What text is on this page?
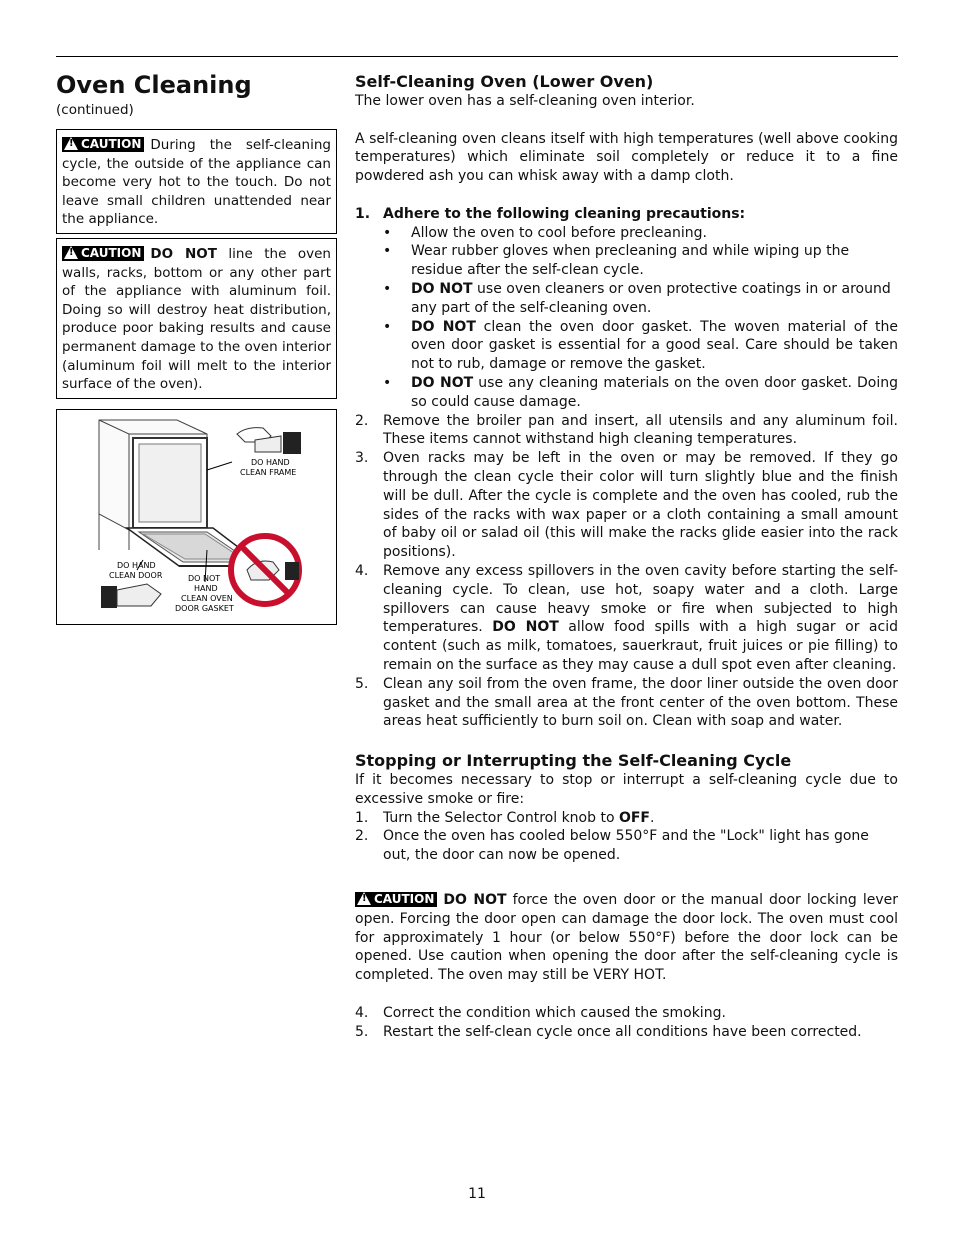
Oven Cleaning
(continued)
!CAUTION During the self-cleaning cycle, the outside of the appliance can become very hot to the touch. Do not leave small children unattended near the appliance.
!CAUTION DO NOT line the oven walls, racks, bottom or any other part of the appliance with aluminum foil. Doing so will destroy heat distribution, produce poor baking results and cause permanent damage to the oven interior (aluminum foil will melt to the interior surface of the oven).
DO HAND
CLEAN FRAME
DO HAND
CLEAN DOOR	DO NOT
HAND
CLEAN OVEN
DOOR GASKET
Self-Cleaning Oven (Lower Oven)

The lower oven has a self-cleaning oven interior.

A self-cleaning oven cleans itself with high temperatures (well above cooking temperatures) which eliminate soil completely or reduce it to a fine powdered ash you can whisk away with a damp cloth.

1. Adhere to the following cleaning precautions:
•	Allow the oven to cool before precleaning.
•	Wear rubber gloves when precleaning and while wiping up the residue after the self-clean cycle.
•	DO NOT use oven cleaners or oven protective coatings in or around any part of the self-cleaning oven.
•	DO NOT clean the oven door gasket. The woven material of the oven door gasket is essential for a good seal. Care should be taken not to rub, damage or remove the gasket.
•	DO NOT use any cleaning materials on the oven door gasket. Doing so could cause damage.
2.	Remove the broiler pan and insert, all utensils and any aluminum foil. These items cannot withstand high cleaning temperatures.
3.	Oven racks may be left in the oven or may be removed. If they go through the clean cycle their color will turn slightly blue and the finish will be dull. After the cycle is complete and the oven has cooled, rub the sides of the racks with wax paper or a cloth containing a small amount of baby oil or salad oil (this will make the racks glide easier into the rack positions).
4.	Remove any excess spillovers in the oven cavity before starting the self-cleaning cycle. To clean, use hot, soapy water and a cloth. Large spillovers can cause heavy smoke or fire when subjected to high temperatures. DO NOT allow food spills with a high sugar or acid content (such as milk, tomatoes, sauerkraut, fruit juices or pie filling) to remain on the surface as they may cause a dull spot even after cleaning.
5.	Clean any soil from the oven frame, the door liner outside the oven door gasket and the small area at the front center of the oven bottom. These areas heat sufficiently to burn soil on. Clean with soap and water.
Stopping or Interrupting the Self-Cleaning Cycle

If it becomes necessary to stop or interrupt a self-cleaning cycle due to excessive smoke or fire:

1.	Turn the Selector Control knob to OFF.
2.	Once the oven has cooled below 550°F and the "Lock" light has gone out, the door can now be opened.
!CAUTION DO NOT force the oven door or the manual door locking lever open. Forcing the door open can damage the door lock. The oven must cool for approximately 1 hour (or below 550°F) before the door lock can be opened. Use caution when opening the door after the self-cleaning cycle is completed. The oven may still be VERY HOT.
4.	Correct the condition which caused the smoking.
5.	Restart the self-clean cycle once all conditions have been corrected.
11
